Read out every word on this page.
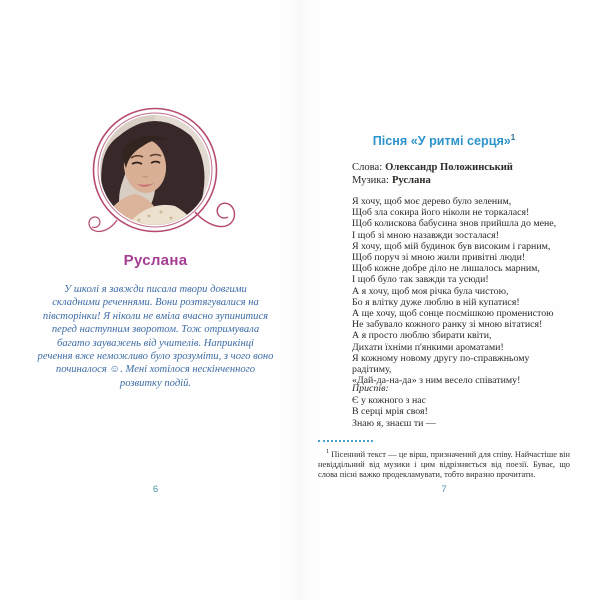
Руслана
У школі я завжди писала твори довгими
складними реченнями. Вони розтягувалися на
півсторінки! Я ніколи не вміла вчасно зупинитися
перед наступним зворотом. Тож отримувала
багато зауважень від учителів. Наприкінці
речення вже неможливо було зрозуміти, з чого воно
починалося ☺. Мені хотілося нескінченного
розвитку подій.
6
Пісня «У ритмі серця»$^1$
Слова: Олександр Положинський
Музика: Руслана
Я хочу, щоб моє дерево було зеленим,
Щоб зла сокира його ніколи не торкалася!
Щоб колискова бабусина знов прийшла до мене,
І щоб зі мною назавжди зосталася!
Я хочу, щоб мій будинок був високим і гарним,
Щоб поруч зі мною жили привітні люди!
Щоб кожне добре діло не лишалось марним,
І щоб було так завжди та усюди!
А я хочу, щоб моя річка була чистою,
Бо я влітку дуже люблю в ній купатися!
А ще хочу, щоб сонце посмішкою променистою
Не забувало кожного ранку зі мною вітатися!
А я просто люблю збирати квіти,
Дихати їхніми п'янкими ароматами!
Я кожному новому другу по-справжньому радітиму,
«Дай-да-на-да» з ним весело співатиму!
Приспів:
Є у кожного з нас
В серці мрія своя!
Знаю я, знаєш ти —
$^1$ Пісенний текст — це вірш, призначений для співу. Найчастіше він невіддільний від музики і цим відрізняється від поезії. Буває, що слова пісні важко продекламувати, тобто виразно прочитати.
7
